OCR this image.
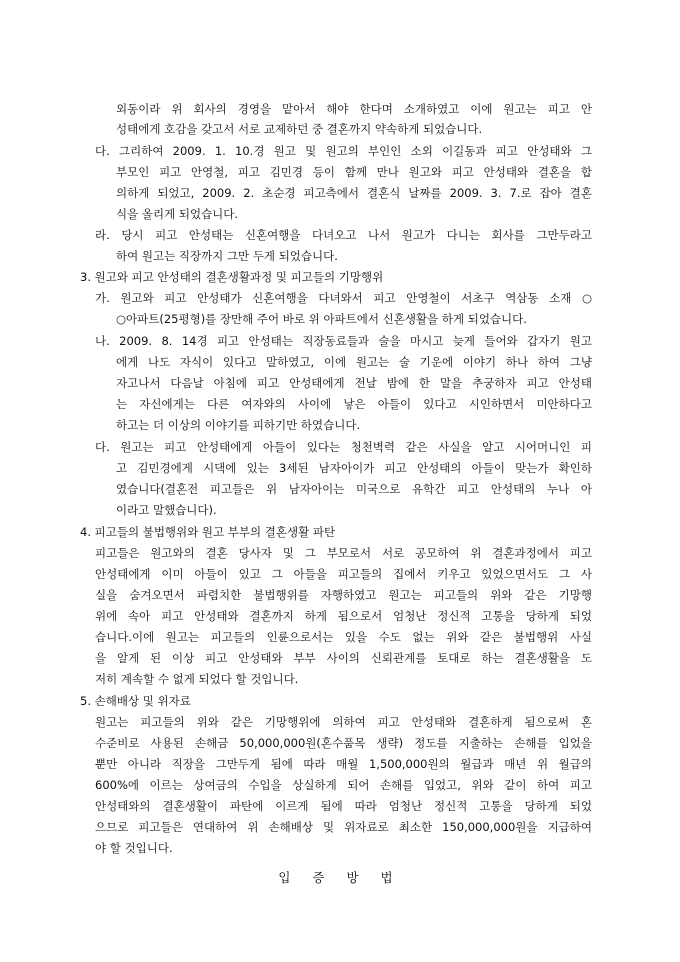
외동이라 위 회사의 경영을 맡아서 해야 한다며 소개하였고 이에 원고는 피고 안
성태에게 호감을 갖고서 서로 교제하던 중 결혼까지 약속하게 되었습니다.
다. 그리하여 2009. 1. 10.경 원고 및 원고의 부인인 소외 이길동과 피고 안성태와 그
부모인 피고 안영철, 피고 김민경 등이 함께 만나 원고와 피고 안성태와 결혼을 합
의하게 되었고, 2009. 2. 초순경 피고측에서 결혼식 날짜를 2009. 3. 7.로 잡아 결혼
식을 올리게 되었습니다.
라. 당시 피고 안성태는 신혼여행을 다녀오고 나서 원고가 다니는 회사를 그만두라고
하여 원고는 직장까지 그만 두게 되었습니다.
3. 원고와 피고 안성태의 결혼생활과정 및 피고들의 기망행위
가. 원고와 피고 안성태가 신혼여행을 다녀와서 피고 안영철이 서초구 역삼동 소재 ○
○아파트(25평형)를 장만해 주어 바로 위 아파트에서 신혼생활을 하게 되었습니다.
나. 2009. 8. 14경 피고 안성태는 직장동료들과 술을 마시고 늦게 들어와 갑자기 원고
에게 나도 자식이 있다고 말하였고, 이에 원고는 술 기운에 이야기 하나 하여 그냥
자고나서 다음날 아침에 피고 안성태에게 전날 밤에 한 말을 추궁하자 피고 안성태
는 자신에게는 다른 여자와의 사이에 낳은 아들이 있다고 시인하면서 미안하다고
하고는 더 이상의 이야기를 피하기만 하였습니다.
다. 원고는 피고 안성태에게 아들이 있다는 청천벽력 같은 사실을 알고 시어머니인 피
고 김민경에게 시댁에 있는 3세된 남자아이가 피고 안성태의 아들이 맞는가 확인하
였습니다(결혼전 피고들은 위 남자아이는 미국으로 유학간 피고 안성태의 누나 아
이라고 말했습니다).
4. 피고들의 불법행위와 원고 부부의 결혼생활 파탄
피고들은 원고와의 결혼 당사자 및 그 부모로서 서로 공모하여 위 결혼과정에서 피고
안성태에게 이미 아들이 있고 그 아들을 피고들의 집에서 키우고 있었으면서도 그 사
실을 숨겨오면서 파렴치한 불법행위를 자행하였고 원고는 피고들의 위와 같은 기망행
위에 속아 피고 안성태와 결혼까지 하게 됨으로서 엄청난 정신적 고통을 당하게 되었
습니다.이에 원고는 피고들의 인륜으로서는 있을 수도 없는 위와 같은 불법행위 사실
을 알게 된 이상 피고 안성태와 부부 사이의 신뢰관계를 토대로 하는 결혼생활을 도
저히 계속할 수 없게 되었다 할 것입니다.
5. 손해배상 및 위자료
원고는 피고들의 위와 같은 기망행위에 의하여 피고 안성태와 결혼하게 됨으로써 혼
수준비로 사용된 손해금 50,000,000원(혼수품목 생략) 정도를 지출하는 손해를 입었을
뿐만 아니라 직장을 그만두게 됨에 따라 매월 1,500,000원의 월급과 매년 위 월급의
600%에 이르는 상여금의 수입을 상실하게 되어 손해를 입었고, 위와 같이 하여 피고
안성태와의 결혼생활이 파탄에 이르게 됨에 따라 엄청난 정신적 고통을 당하게 되었
으므로 피고들은 연대하여 위 손해배상 및 위자료로 최소한 150,000,000원을 지급하여
야 할 것입니다.
입 증 방 법
